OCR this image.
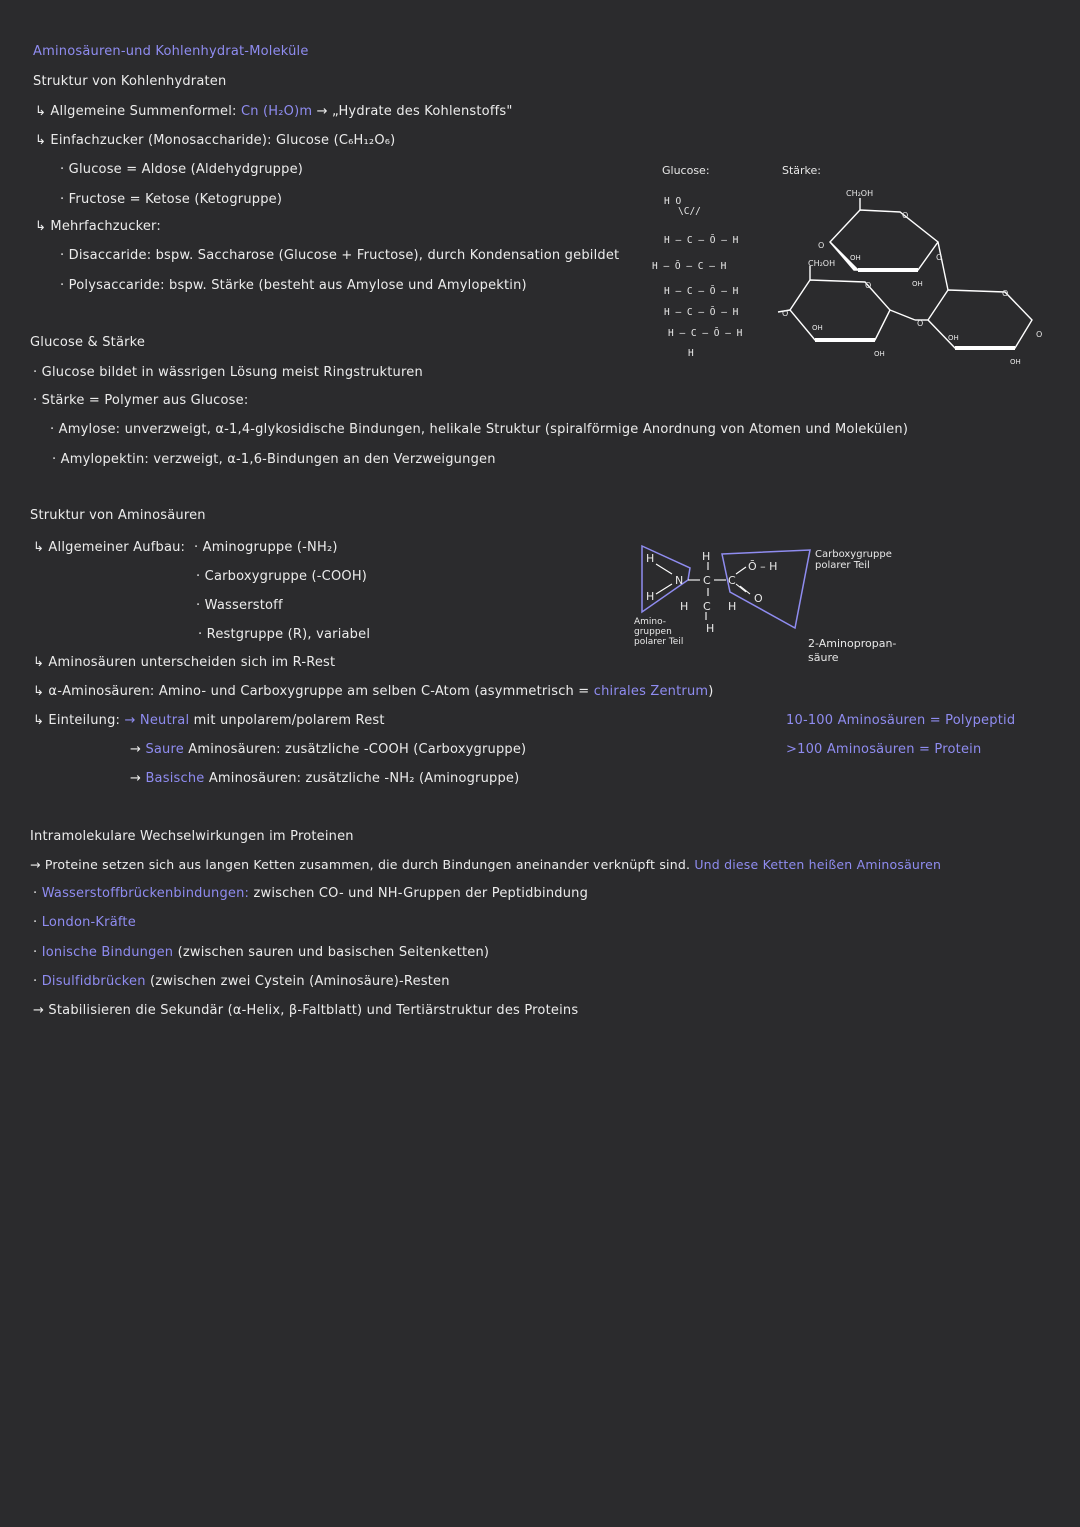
Aminosäuren-und Kohlenhydrat-Moleküle
Struktur von Kohlenhydraten
↳ Allgemeine Summenformel: Cn (H₂O)m → „Hydrate des Kohlenstoffs"
↳ Einfachzucker (Monosaccharide): Glucose (C₆H₁₂O₆)
· Glucose = Aldose (Aldehydgruppe)
· Fructose = Ketose (Ketogruppe)
↳ Mehrfachzucker:
· Disaccaride: bspw. Saccharose (Glucose + Fructose), durch Kondensation gebildet
· Polysaccaride: bspw. Stärke (besteht aus Amylose und Amylopektin)
Glucose:
H O
\C//
H – C – Ō – H
H – Ō – C – H
H – C – Ō – H
H – C – Ō – H
H – C – Ō – H
H
Stärke:
CH₂OH
CH₂OH
OH
OH
OH
OH
OH
OH
O
O
O
O
O
O
O
O
Glucose & Stärke
· Glucose bildet in wässrigen Lösung meist Ringstrukturen
· Stärke = Polymer aus Glucose:
· Amylose: unverzweigt, α-1,4-glykosidische Bindungen, helikale Struktur (spiralförmige Anordnung von Atomen und Molekülen)
· Amylopektin: verzweigt, α-1,6-Bindungen an den Verzweigungen
Struktur von Aminosäuren
↳ Allgemeiner Aufbau: · Aminogruppe (-NH₂)
· Carboxygruppe (-COOH)
· Wasserstoff
· Restgruppe (R), variabel
↳ Aminosäuren unterscheiden sich im R-Rest
↳ α-Aminosäuren: Amino- und Carboxygruppe am selben C-Atom (asymmetrisch = chirales Zentrum)
↳ Einteilung: → Neutral mit unpolarem/polarem Rest
→ Saure Aminosäuren: zusätzliche -COOH (Carboxygruppe)
→ Basische Aminosäuren: zusätzliche -NH₂ (Aminogruppe)
10-100 Aminosäuren = Polypeptid
>100 Aminosäuren = Protein
H
H
N
H
C C
Ō – H
O
H C H
H
Carboxygruppe polarer Teil
Amino-gruppen polarer Teil	2-Aminopropan-säure
Intramolekulare Wechselwirkungen im Proteinen
→ Proteine setzen sich aus langen Ketten zusammen, die durch Bindungen aneinander verknüpft sind. Und diese Ketten heißen Aminosäuren
· Wasserstoffbrückenbindungen: zwischen CO- und NH-Gruppen der Peptidbindung
· London-Kräfte
· Ionische Bindungen (zwischen sauren und basischen Seitenketten)
· Disulfidbrücken (zwischen zwei Cystein (Aminosäure)-Resten
→ Stabilisieren die Sekundär (α-Helix, β-Faltblatt) und Tertiärstruktur des Proteins
